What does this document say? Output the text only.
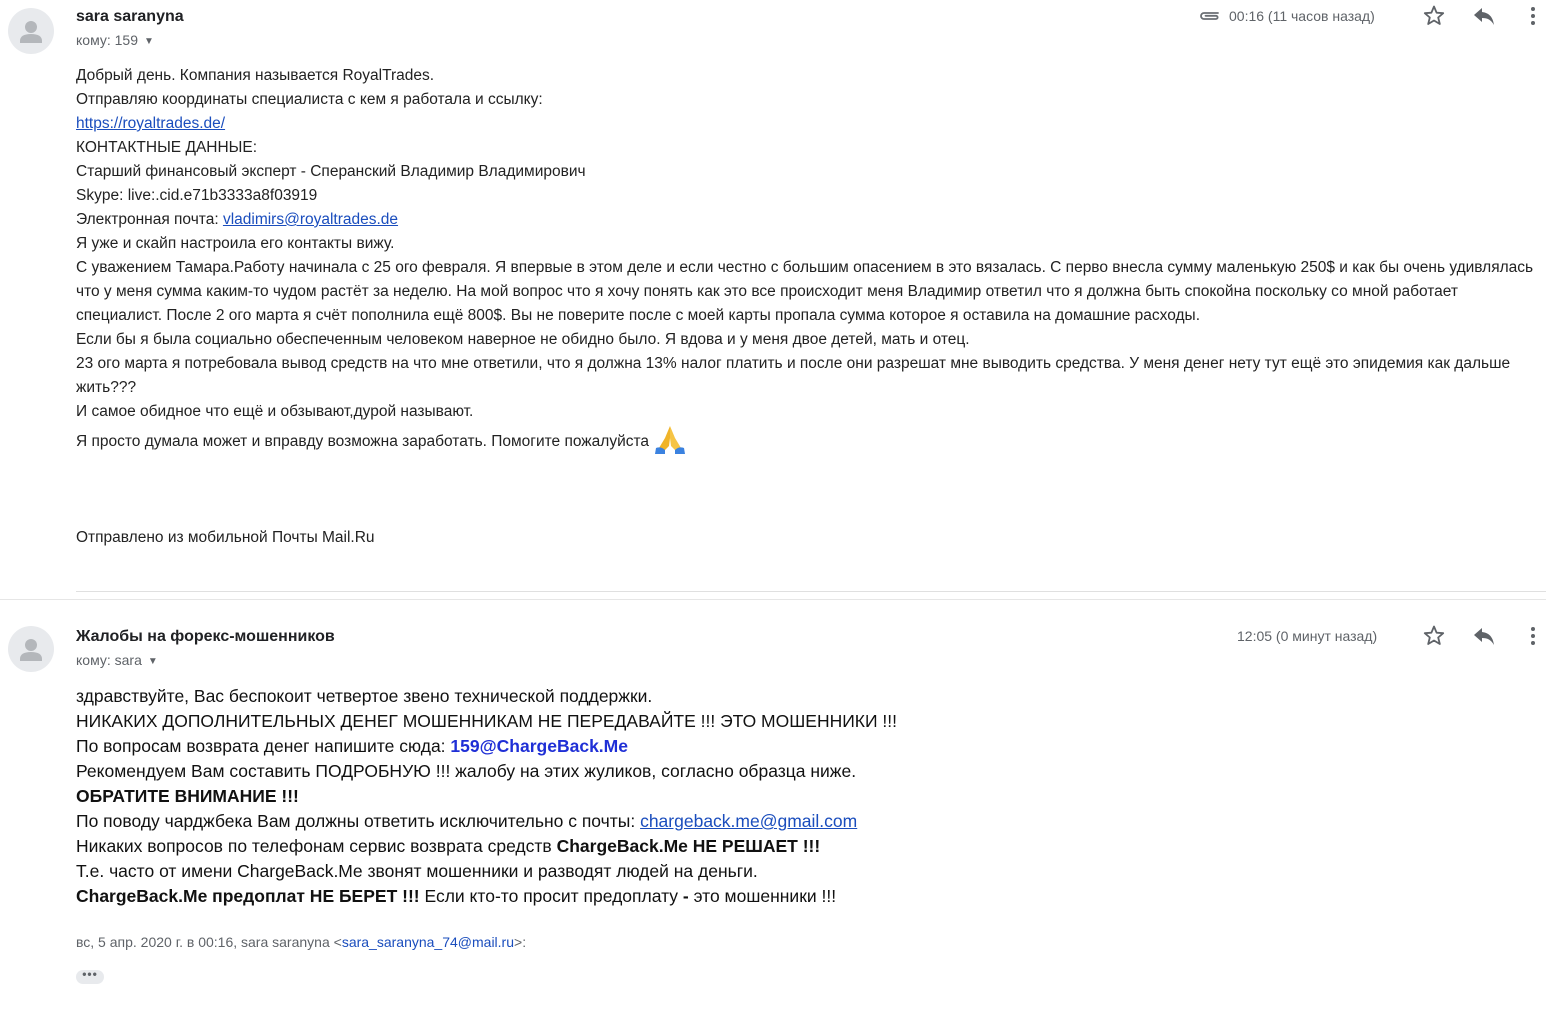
sara saranyna
кому: 159 ▼
00:16 (11 часов назад)
Добрый день. Компания называется RoyalTrades.
Отправляю координаты специалиста с кем я работала и ссылку:
https://royaltrades.de/
КОНТАКТНЫЕ ДАННЫЕ:
Старший финансовый эксперт - Сперанский Владимир Владимирович
Skype: live:.cid.e71b3333a8f03919
Электронная почта: vladimirs@royaltrades.de
Я уже и скайп настроила его контакты вижу.
С уважением Тамара.Работу начинала с 25 ого февраля. Я впервые в этом деле и если честно с большим опасением в это вязалась. С перво внесла сумму маленькую 250$ и как бы очень удивлялась что у меня сумма каким-то чудом растёт за неделю. На мой вопрос что я хочу понять как это все происходит меня Владимир ответил что я должна быть спокойна поскольку со мной работает специалист. После 2 ого марта я счёт пополнила ещё 800$. Вы не поверите после с моей карты пропала сумма которое я оставила на домашние расходы.
Если бы я была социально обеспеченным человеком наверное не обидно было. Я вдова и у меня двое детей, мать и отец.
23 ого марта я потребовала вывод средств на что мне ответили, что я должна 13% налог платить и после они разрешат мне выводить средства. У меня денег нету тут ещё это эпидемия как дальше жить???
И самое обидное что ещё и обзывают,дурой называют.
Я просто думала может и вправду возможна заработать. Помогите пожалуйста
Отправлено из мобильной Почты Mail.Ru
Жалобы на форекс-мошенников
кому: sara ▼
12:05 (0 минут назад)
здравствуйте, Вас беспокоит четвертое звено технической поддержки.
НИКАКИХ ДОПОЛНИТЕЛЬНЫХ ДЕНЕГ МОШЕННИКАМ НЕ ПЕРЕДАВАЙТЕ !!! ЭТО МОШЕННИКИ !!!
По вопросам возврата денег напишите сюда: 159@ChargeBack.Me
Рекомендуем Вам составить ПОДРОБНУЮ !!! жалобу на этих жуликов, согласно образца ниже.
ОБРАТИТЕ ВНИМАНИЕ !!!
По поводу чарджбека Вам должны ответить исключительно с почты: chargeback.me@gmail.com
Никаких вопросов по телефонам сервис возврата средств ChargeBack.Me НЕ РЕШАЕТ !!!
Т.е. часто от имени ChargeBack.Me звонят мошенники и разводят людей на деньги.
ChargeBack.Me предоплат НЕ БЕРЕТ !!! Если кто-то просит предоплату - это мошенники !!!
вс, 5 апр. 2020 г. в 00:16, sara saranyna <sara_saranyna_74@mail.ru>:
•••
